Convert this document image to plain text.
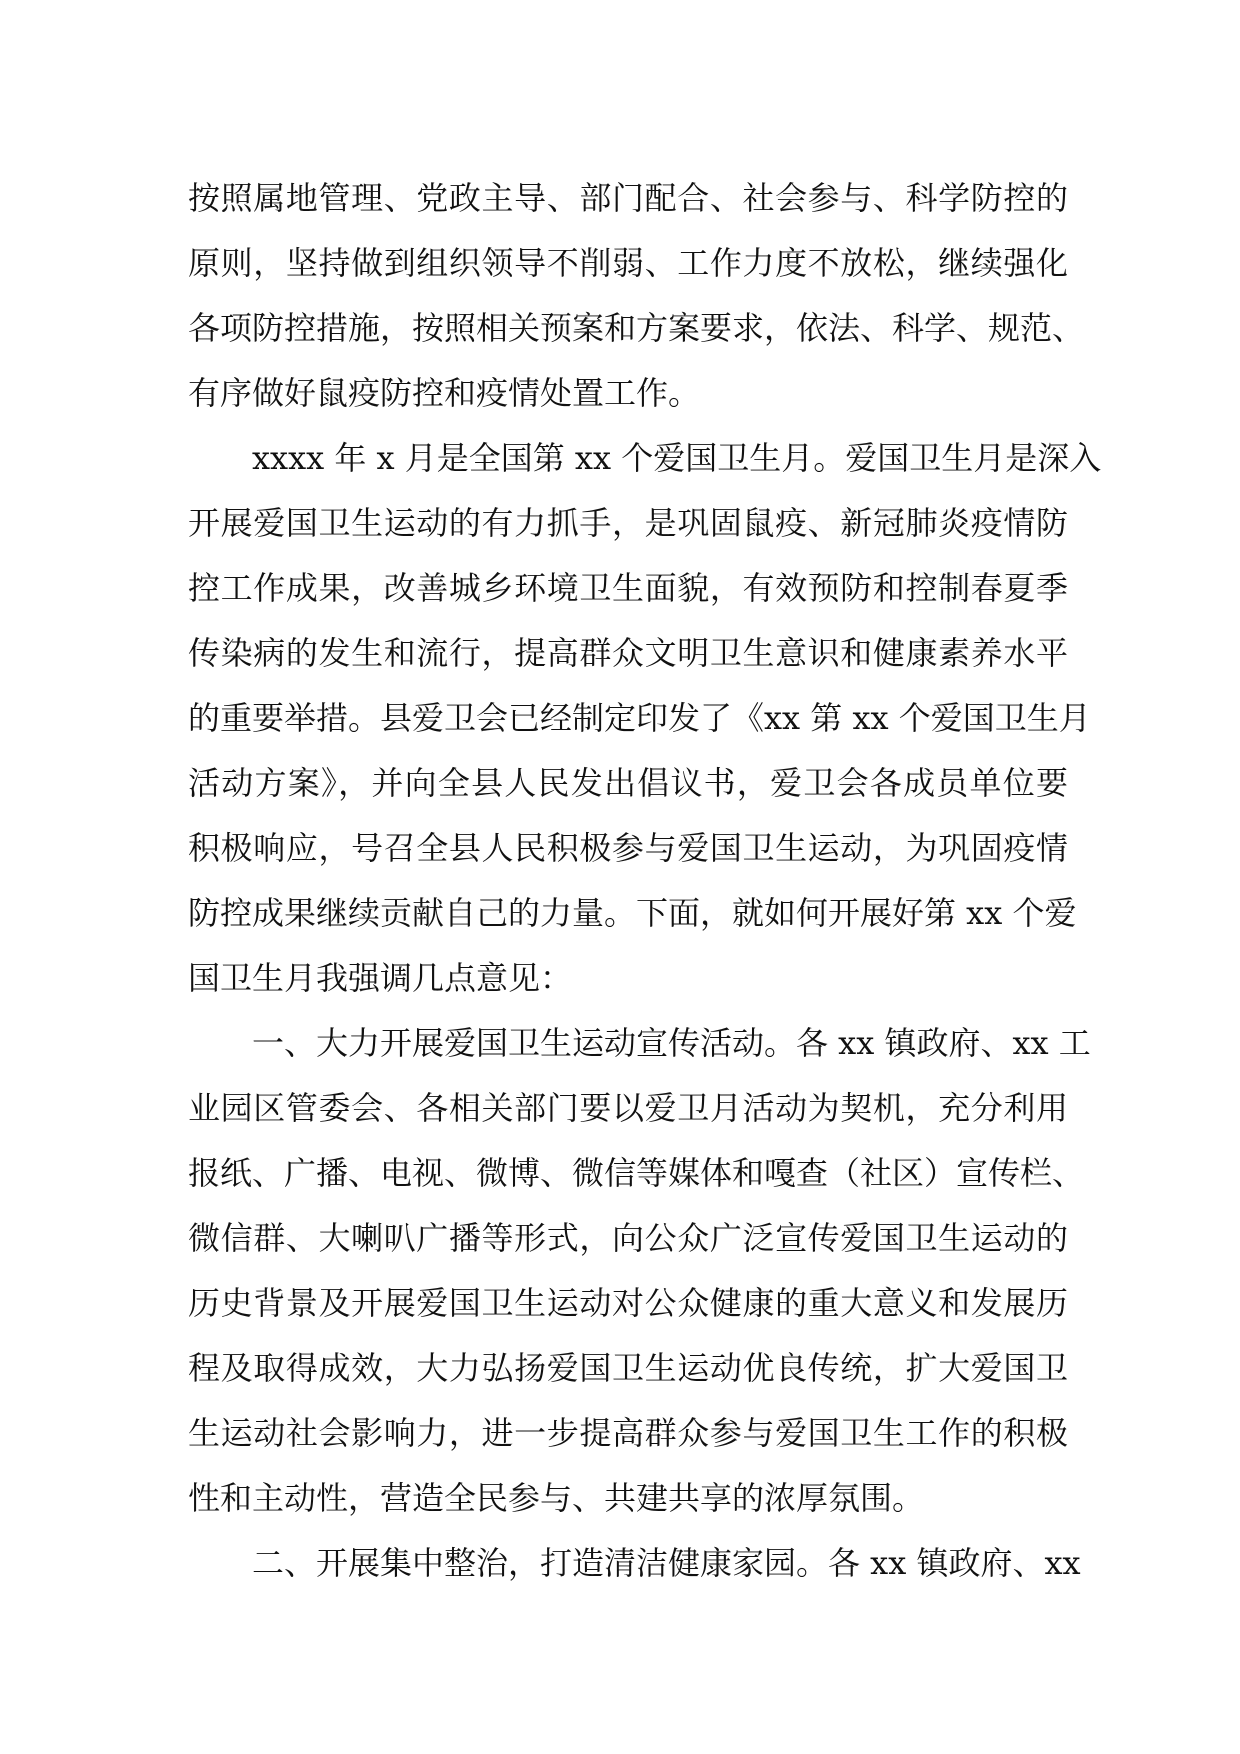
按照属地管理、党政主导、部门配合、社会参与、科学防控的
原则，坚持做到组织领导不削弱、工作力度不放松，继续强化
各项防控措施，按照相关预案和方案要求，依法、科学、规范、
有序做好鼠疫防控和疫情处置工作。
xxxx 年 x 月是全国第 xx 个爱国卫生月。爱国卫生月是深入
开展爱国卫生运动的有力抓手，是巩固鼠疫、新冠肺炎疫情防
控工作成果，改善城乡环境卫生面貌，有效预防和控制春夏季
传染病的发生和流行，提高群众文明卫生意识和健康素养水平
的重要举措。县爱卫会已经制定印发了《xx 第 xx 个爱国卫生月
活动方案》，并向全县人民发出倡议书，爱卫会各成员单位要
积极响应，号召全县人民积极参与爱国卫生运动，为巩固疫情
防控成果继续贡献自己的力量。下面，就如何开展好第 xx 个爱
国卫生月我强调几点意见：
一、大力开展爱国卫生运动宣传活动。各 xx 镇政府、xx 工
业园区管委会、各相关部门要以爱卫月活动为契机，充分利用
报纸、广播、电视、微博、微信等媒体和嘎查（社区）宣传栏、
微信群、大喇叭广播等形式，向公众广泛宣传爱国卫生运动的
历史背景及开展爱国卫生运动对公众健康的重大意义和发展历
程及取得成效，大力弘扬爱国卫生运动优良传统，扩大爱国卫
生运动社会影响力，进一步提高群众参与爱国卫生工作的积极
性和主动性，营造全民参与、共建共享的浓厚氛围。
二、开展集中整治，打造清洁健康家园。各 xx 镇政府、xx
